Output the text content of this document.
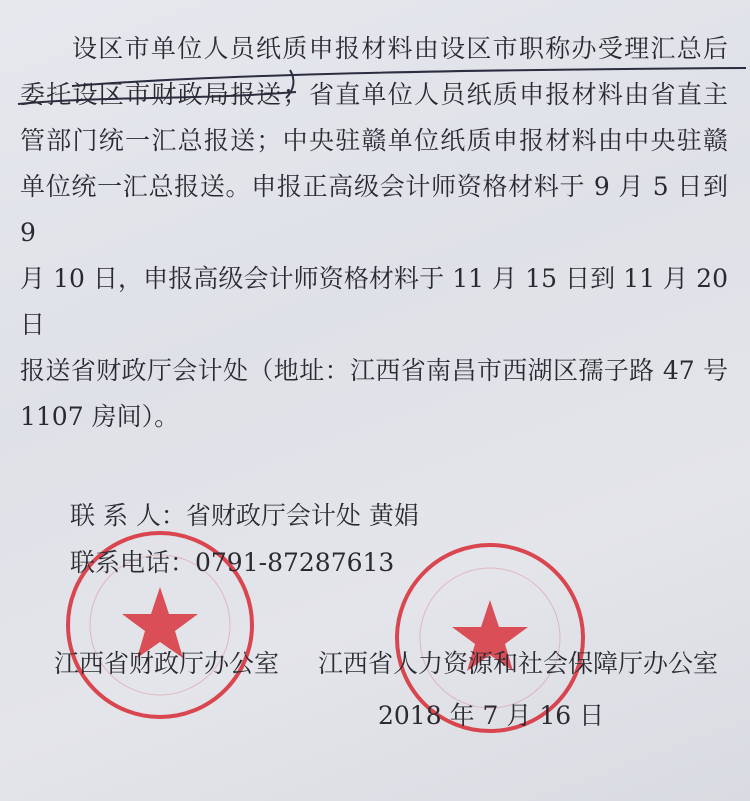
设区市单位人员纸质申报材料由设区市职称办受理汇总后
委托设区市财政局报送；省直单位人员纸质申报材料由省直主
管部门统一汇总报送；中央驻赣单位纸质申报材料由中央驻赣
单位统一汇总报送。申报正高级会计师资格材料于 9 月 5 日到 9
月 10 日，申报高级会计师资格材料于 11 月 15 日到 11 月 20 日
报送省财政厅会计处（地址：江西省南昌市西湖区孺子路 47 号
1107 房间）。
联 系 人：省财政厅会计处 黄娟
联系电话：0791-87287613
江西省财政厅办公室 江西省人力资源和社会保障厅办公室
2018 年 7 月 16 日
